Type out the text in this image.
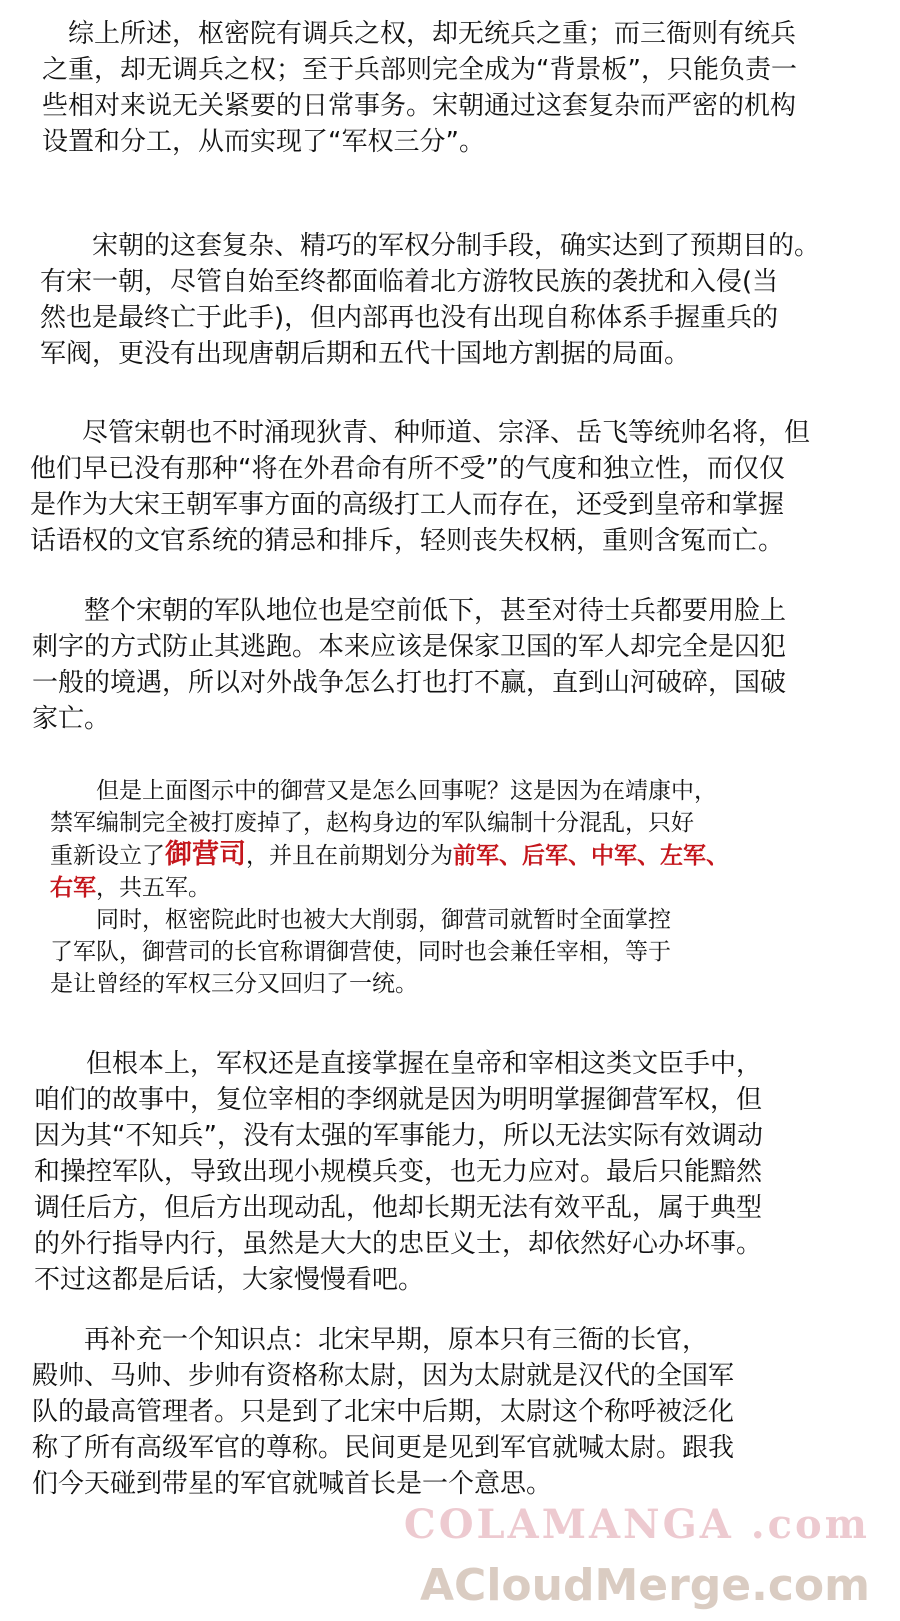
　综上所述，枢密院有调兵之权，却无统兵之重；而三衙则有统兵
之重，却无调兵之权；至于兵部则完全成为“背景板”，只能负责一
些相对来说无关紧要的日常事务。宋朝通过这套复杂而严密的机构
设置和分工，从而实现了“军权三分”。
　　宋朝的这套复杂、精巧的军权分制手段，确实达到了预期目的。
有宋一朝，尽管自始至终都面临着北方游牧民族的袭扰和入侵(当
然也是最终亡于此手)，但内部再也没有出现自称体系手握重兵的
军阀，更没有出现唐朝后期和五代十国地方割据的局面。
　　尽管宋朝也不时涌现狄青、种师道、宗泽、岳飞等统帅名将，但
他们早已没有那种“将在外君命有所不受”的气度和独立性，而仅仅
是作为大宋王朝军事方面的高级打工人而存在，还受到皇帝和掌握
话语权的文官系统的猜忌和排斥，轻则丧失权柄，重则含冤而亡。
　　整个宋朝的军队地位也是空前低下，甚至对待士兵都要用脸上
刺字的方式防止其逃跑。本来应该是保家卫国的军人却完全是囚犯
一般的境遇，所以对外战争怎么打也打不赢，直到山河破碎，国破
家亡。
　　但是上面图示中的御营又是怎么回事呢？这是因为在靖康中，
禁军编制完全被打废掉了，赵构身边的军队编制十分混乱，只好
重新设立了御营司，并且在前期划分为前军、后军、中军、左军、
右军，共五军。
　　同时，枢密院此时也被大大削弱，御营司就暂时全面掌控
了军队，御营司的长官称谓御营使，同时也会兼任宰相，等于
是让曾经的军权三分又回归了一统。
　　但根本上，军权还是直接掌握在皇帝和宰相这类文臣手中，
咱们的故事中，复位宰相的李纲就是因为明明掌握御营军权，但
因为其“不知兵”，没有太强的军事能力，所以无法实际有效调动
和操控军队，导致出现小规模兵变，也无力应对。最后只能黯然
调任后方，但后方出现动乱，他却长期无法有效平乱，属于典型
的外行指导内行，虽然是大大的忠臣义士，却依然好心办坏事。
不过这都是后话，大家慢慢看吧。
　　再补充一个知识点：北宋早期，原本只有三衙的长官，
殿帅、马帅、步帅有资格称太尉，因为太尉就是汉代的全国军
队的最高管理者。只是到了北宋中后期，太尉这个称呼被泛化
称了所有高级军官的尊称。民间更是见到军官就喊太尉。跟我
们今天碰到带星的军官就喊首长是一个意思。
COLAMANGA .com
ACloudMerge.com
